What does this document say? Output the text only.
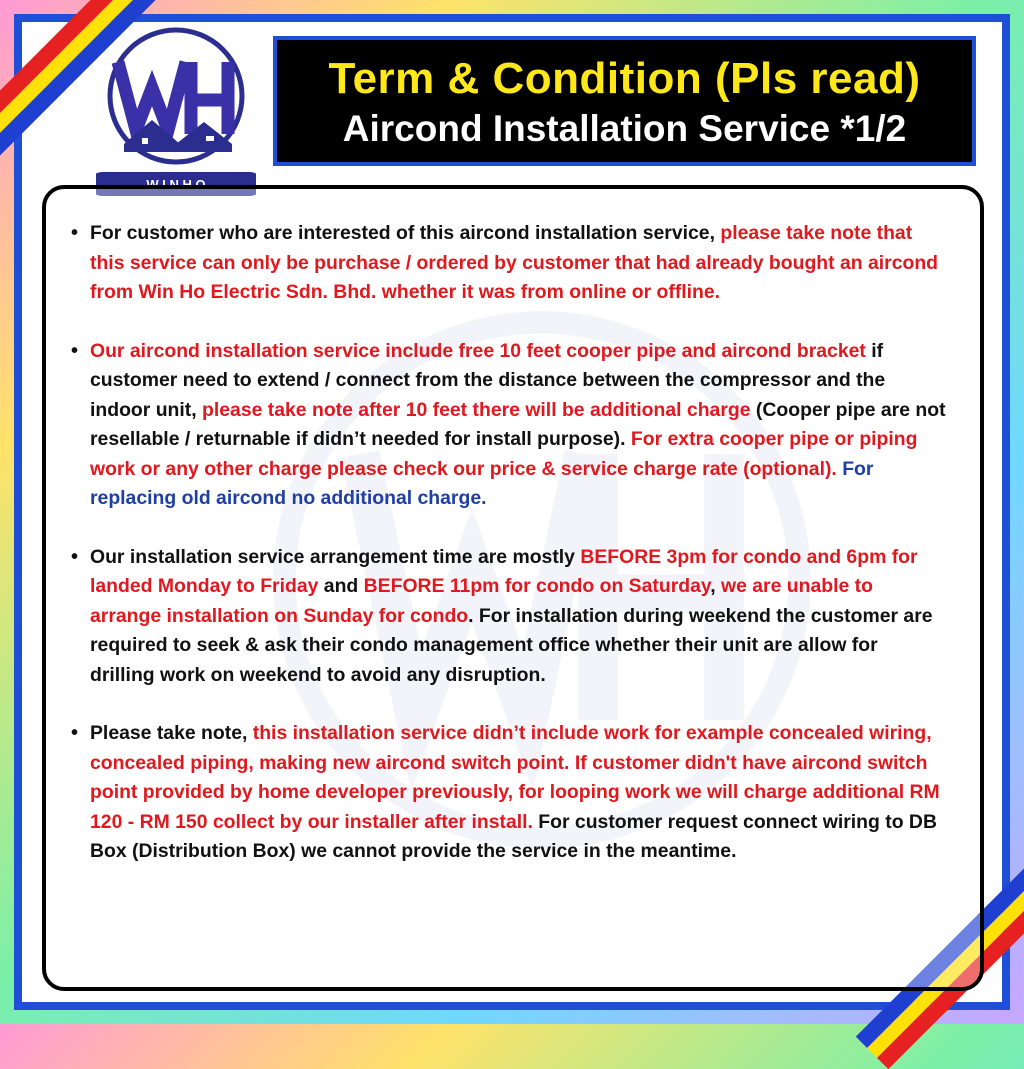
W I N H O
Term & Condition (Pls read)
Aircond Installation Service *1/2
• For customer who are interested of this aircond installation service, please take note that this service can only be purchase / ordered by customer that had already bought an aircond from Win Ho Electric Sdn. Bhd. whether it was from online or offline.
• Our aircond installation service include free 10 feet cooper pipe and aircond bracket if customer need to extend / connect from the distance between the compressor and the indoor unit, please take note after 10 feet there will be additional charge (Cooper pipe are not resellable / returnable if didn’t needed for install purpose). For extra cooper pipe or piping work or any other charge please check our price & service charge rate (optional). For replacing old aircond no additional charge.
• Our installation service arrangement time are mostly BEFORE 3pm for condo and 6pm for landed Monday to Friday and BEFORE 11pm for condo on Saturday, we are unable to arrange installation on Sunday for condo. For installation during weekend the customer are required to seek & ask their condo management office whether their unit are allow for drilling work on weekend to avoid any disruption.
• Please take note, this installation service didn’t include work for example concealed wiring, concealed piping, making new aircond switch point. If customer didn't have aircond switch point provided by home developer previously, for looping work we will charge additional RM 120 - RM 150 collect by our installer after install. For customer request connect wiring to DB Box (Distribution Box) we cannot provide the service in the meantime.
